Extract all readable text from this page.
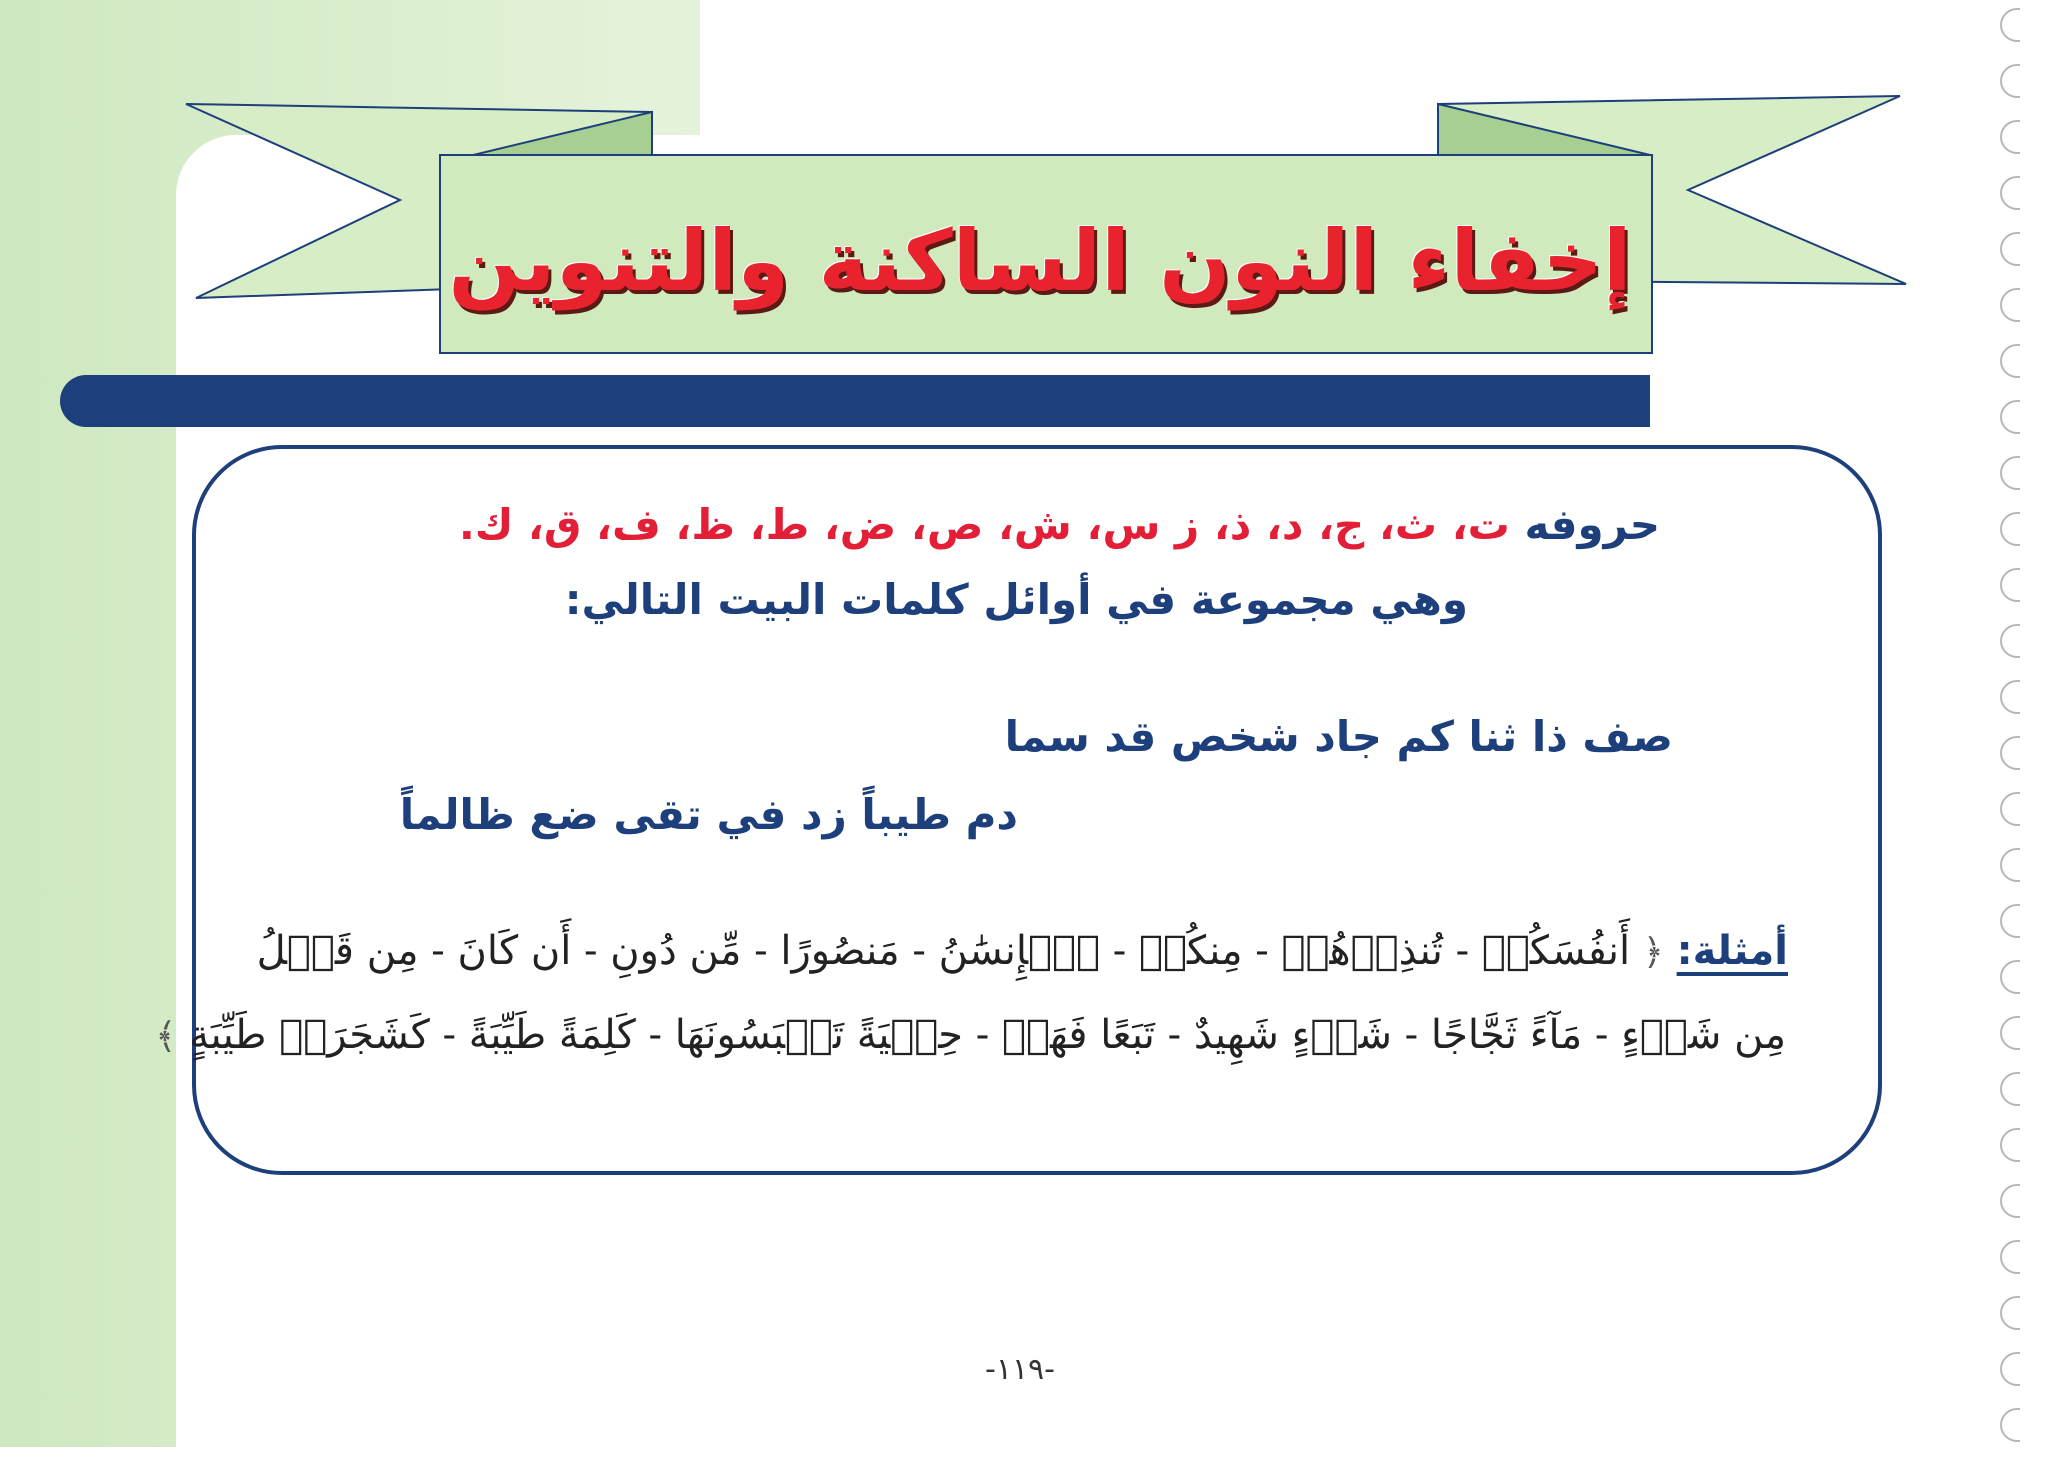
إخفاء النون الساكنة والتنوين
حروفه ت، ث، ج، د، ذ، ز س، ش، ص، ض، ط، ظ، ف، ق، ك.
وهي مجموعة في أوائل كلمات البيت التالي:
صف ذا ثنا كم جاد شخص قد سما
دم طيباً زد في تقى ضع ظالماً
أمثلة: ﴿ أَنفُسَكُمۡ - تُنذِرۡهُمۡ - مِنكُمۡ - ٱلۡإِنسَٰنُ - مَنصُورًا - مِّن دُونِ - أَن كَانَ - مِن قَبۡلُ
مِن شَيۡءٍ - مَآءً ثَجَّاجًا - شَيۡءٍ شَهِيدٌ - تَبَعًا فَهَلۡ - حِلۡيَةً تَلۡبَسُونَهَا - كَلِمَةً طَيِّبَةً - كَشَجَرَةٖ طَيِّبَةٍ ﴾
-١١٩-
